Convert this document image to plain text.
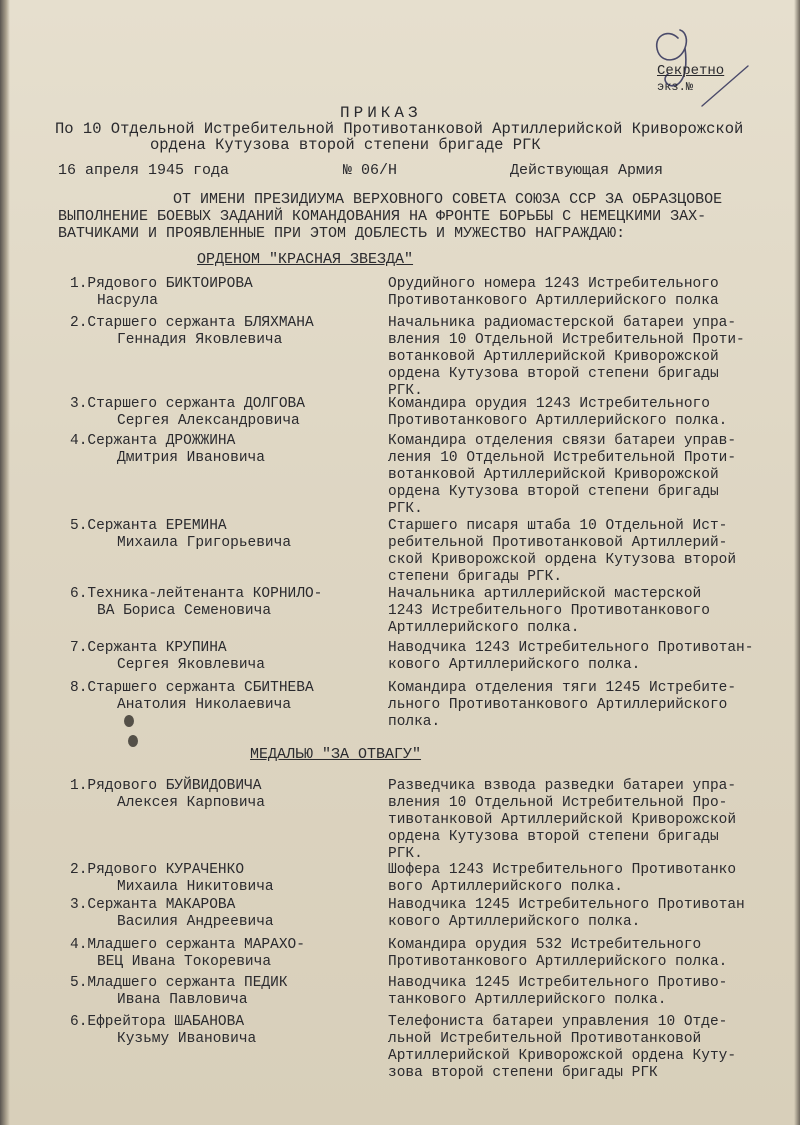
Секретно
экз.№
ПРИКАЗ
По 10 Отдельной Истребительной Противотанковой Артиллерийской Криворожской
ордена Кутузова второй степени бригаде РГК
16 апреля 1945 года	№ 06/Н	Действующая Армия
ОТ ИМЕНИ ПРЕЗИДИУМА ВЕРХОВНОГО СОВЕТА СОЮЗА ССР ЗА ОБРАЗЦОВОЕ
ВЫПОЛНЕНИЕ БОЕВЫХ ЗАДАНИЙ КОМАНДОВАНИЯ НА ФРОНТЕ БОРЬБЫ С НЕМЕЦКИМИ ЗАХ-
ВАТЧИКАМИ И ПРОЯВЛЕННЫЕ ПРИ ЭТОМ ДОБЛЕСТЬ И МУЖЕСТВО НАГРАЖДАЮ:
ОРДЕНОМ "КРАСНАЯ ЗВЕЗДА"
1.Рядового БИКТОИРОВА
Насрула
Орудийного номера 1243 Истребительного
Противотанкового Артиллерийского полка
2.Старшего сержанта БЛЯХМАНА
Геннадия Яковлевича
Начальника радиомастерской батареи упра-
вления 10 Отдельной Истребительной Проти-
вотанковой Артиллерийской Криворожской
ордена Кутузова второй степени бригады
РГК.
3.Старшего сержанта ДОЛГОВА
Сергея Александровича
Командира орудия 1243 Истребительного
Противотанкового Артиллерийского полка.
4.Сержанта ДРОЖЖИНА
Дмитрия Ивановича
Командира отделения связи батареи управ-
ления 10 Отдельной Истребительной Проти-
вотанковой Артиллерийской Криворожской
ордена Кутузова второй степени бригады
РГК.
5.Сержанта ЕРЕМИНА
Михаила Григорьевича
Старшего писаря штаба 10 Отдельной Ист-
ребительной Противотанковой Артиллерий-
ской Криворожской ордена Кутузова второй
степени бригады РГК.
6.Техника-лейтенанта КОРНИЛО-
ВА Бориса Семеновича
Начальника артиллерийской мастерской
1243 Истребительного Противотанкового
Артиллерийского полка.
7.Сержанта КРУПИНА
Сергея Яковлевича
Наводчика 1243 Истребительного Противотан-
кового Артиллерийского полка.
8.Старшего сержанта СБИТНЕВА
Анатолия Николаевича
Командира отделения тяги 1245 Истребите-
льного Противотанкового Артиллерийского
полка.
МЕДАЛЬЮ "ЗА ОТВАГУ"
1.Рядового БУЙВИДОВИЧА
Алексея Карповича
Разведчика взвода разведки батареи упра-
вления 10 Отдельной Истребительной Про-
тивотанковой Артиллерийской Криворожской
ордена Кутузова второй степени бригады
РГК.
2.Рядового КУРАЧЕНКО
Михаила Никитовича
Шофера 1243 Истребительного Противотанко
вого Артиллерийского полка.
3.Сержанта МАКАРОВА
Василия Андреевича
Наводчика 1245 Истребительного Противотан
кового Артиллерийского полка.
4.Младшего сержанта МАРАХО-
ВЕЦ Ивана Токоревича
Командира орудия 532 Истребительного
Противотанкового Артиллерийского полка.
5.Младшего сержанта ПЕДИК
Ивана Павловича
Наводчика 1245 Истребительного Противо-
танкового Артиллерийского полка.
6.Ефрейтора ШАБАНОВА
Кузьму Ивановича
Телефониста батареи управления 10 Отде-
льной Истребительной Противотанковой
Артиллерийской Криворожской ордена Куту-
зова второй степени бригады РГК
